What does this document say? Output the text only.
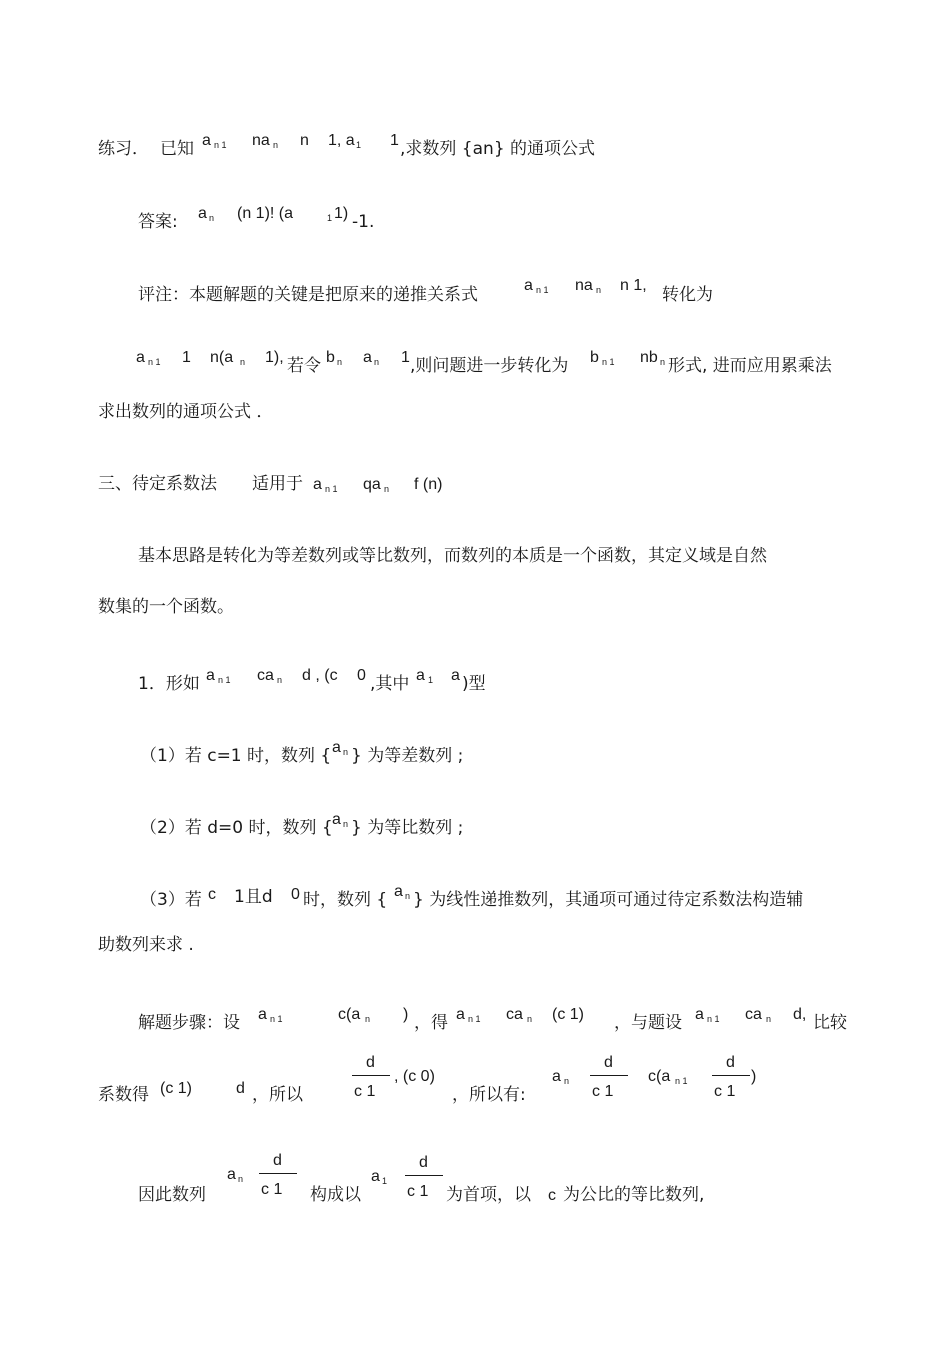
练习． 已知 a n 1 na n n 1, a 1 1 ,求数列 {an} 的通项公式
答案: a n (n 1)! (a	1 1) -1.
评注：本题解题的关键是把原来的递推关系式	a n 1 na n n 1, 转化为
a n 1 1 n(a n 1), 若令 b n a n 1 ,则问题进一步转化为 b n 1 nb n 形式, 进而应用累乘法
求出数列的通项公式 ．
三、待定系数法 适用于 a n 1 qa n f (n)
基本思路是转化为等差数列或等比数列，而数列的本质是一个函数，其定义域是自然
数集的一个函数。
1．形如 a n 1 ca n d , (c 0 ,其中 a 1 a )型
（1）若 c=1 时，数列 { a n } 为等差数列 ;
（2）若 d=0 时，数列 { a n } 为等比数列 ;
（3）若 c 1且d 0 时，数列 { a n } 为线性递推数列，其通项可通过待定系数法构造辅
助数列来求 .
解题步骤：设 a n 1	c(a n ) ，得 a n 1 ca n (c 1) ，与题设 a n 1 ca n d, 比较
系数得 (c 1)	d ，所以
d
c 1
, (c 0)
，所以有:
a n
d
c 1
c(a n 1
d
c 1
)
因此数列
a n
d
c 1 构成以
a 1
d
c 1 为首项，以 c 为公比的等比数列,
